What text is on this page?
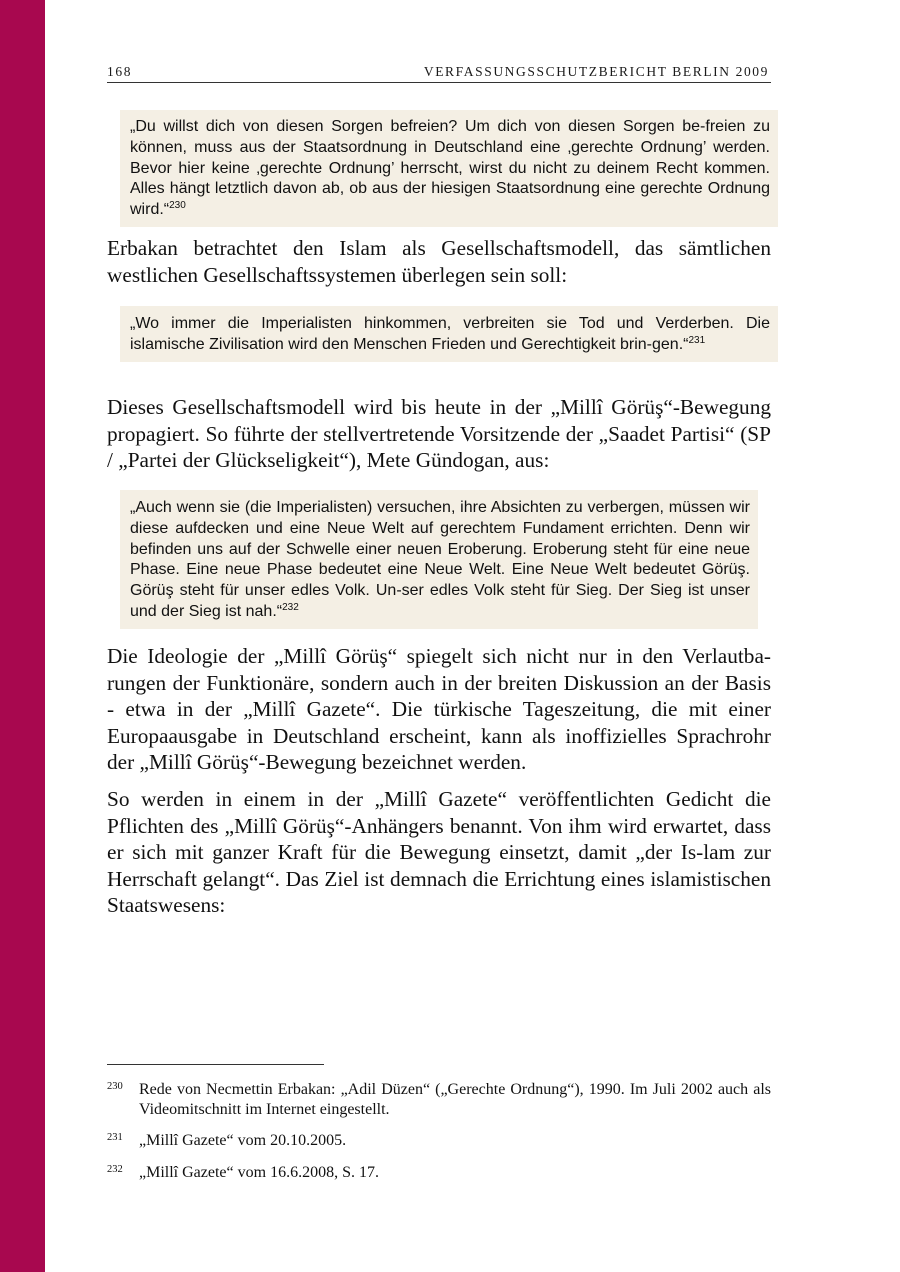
168	VERFASSUNGSSCHUTZBERICHT BERLIN 2009

„Du willst dich von diesen Sorgen befreien? Um dich von diesen Sorgen be-freien zu können, muss aus der Staatsordnung in Deutschland eine ‚gerechte Ordnung’ werden. Bevor hier keine ‚gerechte Ordnung’ herrscht, wirst du nicht zu deinem Recht kommen. Alles hängt letztlich davon ab, ob aus der hiesigen Staatsordnung eine gerechte Ordnung wird.“$^{230}$

Erbakan betrachtet den Islam als Gesellschaftsmodell, das sämtlichen westlichen Gesellschaftssystemen überlegen sein soll:

„Wo immer die Imperialisten hinkommen, verbreiten sie Tod und Verderben. Die islamische Zivilisation wird den Menschen Frieden und Gerechtigkeit brin-gen.“$^{231}$

Dieses Gesellschaftsmodell wird bis heute in der „Millî Görüş“-Bewegung propagiert. So führte der stellvertretende Vorsitzende der „Saadet Partisi“ (SP / „Partei der Glückseligkeit“), Mete Gündogan, aus:

„Auch wenn sie (die Imperialisten) versuchen, ihre Absichten zu verbergen, müssen wir diese aufdecken und eine Neue Welt auf gerechtem Fundament errichten. Denn wir befinden uns auf der Schwelle einer neuen Eroberung. Eroberung steht für eine neue Phase. Eine neue Phase bedeutet eine Neue Welt. Eine Neue Welt bedeutet Görüş. Görüş steht für unser edles Volk. Un-ser edles Volk steht für Sieg. Der Sieg ist unser und der Sieg ist nah.“$^{232}$

Die Ideologie der „Millî Görüş“ spiegelt sich nicht nur in den Verlautba-rungen der Funktionäre, sondern auch in der breiten Diskussion an der Basis - etwa in der „Millî Gazete“. Die türkische Tageszeitung, die mit einer Europaausgabe in Deutschland erscheint, kann als inoffizielles Sprachrohr der „Millî Görüş“-Bewegung bezeichnet werden.

So werden in einem in der „Millî Gazete“ veröffentlichten Gedicht die Pflichten des „Millî Görüş“-Anhängers benannt. Von ihm wird erwartet, dass er sich mit ganzer Kraft für die Bewegung einsetzt, damit „der Is-lam zur Herrschaft gelangt“. Das Ziel ist demnach die Errichtung eines islamistischen Staatswesens:

230 Rede von Necmettin Erbakan: „Adil Düzen“ („Gerechte Ordnung“), 1990. Im Juli 2002 auch als Videomitschnitt im Internet eingestellt.
231 „Millî Gazete“ vom 20.10.2005.
232 „Millî Gazete“ vom 16.6.2008, S. 17.
